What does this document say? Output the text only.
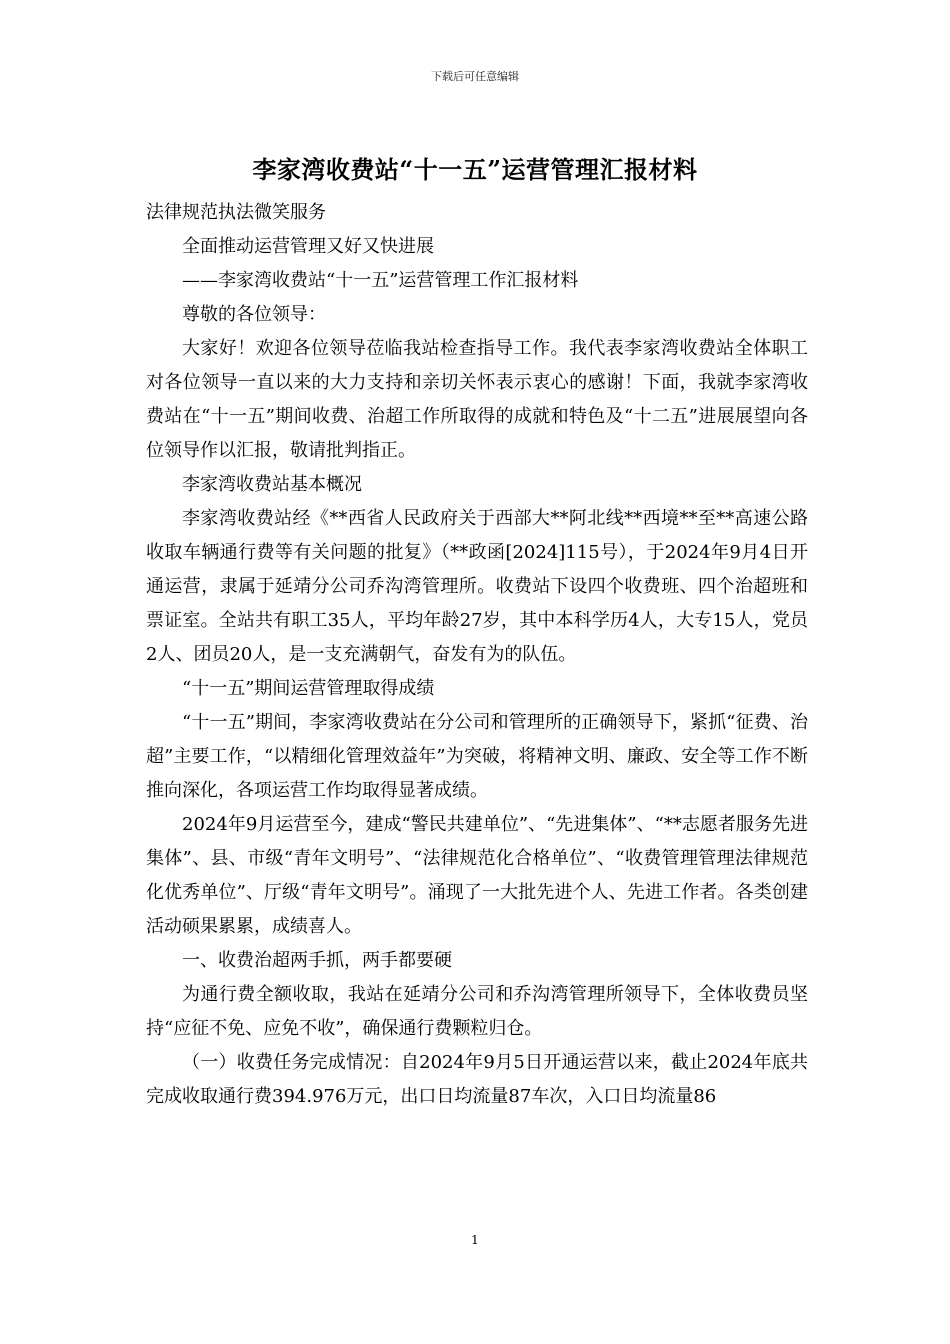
下载后可任意编辑
李家湾收费站“十一五”运营管理汇报材料

法律规范执法微笑服务

全面推动运营管理又好又快进展

——李家湾收费站“十一五”运营管理工作汇报材料

尊敬的各位领导：

大家好！欢迎各位领导莅临我站检查指导工作。我代表李家湾收费站全体职工对各位领导一直以来的大力支持和亲切关怀表示衷心的感谢！下面，我就李家湾收费站在“十一五”期间收费、治超工作所取得的成就和特色及“十二五”进展展望向各位领导作以汇报，敬请批判指正。

李家湾收费站基本概况

李家湾收费站经《**西省人民政府关于西部大**阿北线**西境**至**高速公路收取车辆通行费等有关问题的批复》（**政函[2024]115号），于2024年9月4日开通运营，隶属于延靖分公司乔沟湾管理所。收费站下设四个收费班、四个治超班和票证室。全站共有职工35人，平均年龄27岁，其中本科学历4人，大专15人，党员2人、团员20人，是一支充满朝气，奋发有为的队伍。

“十一五”期间运营管理取得成绩

“十一五”期间，李家湾收费站在分公司和管理所的正确领导下，紧抓“征费、治超”主要工作，“以精细化管理效益年”为突破，将精神文明、廉政、安全等工作不断推向深化，各项运营工作均取得显著成绩。

2024年9月运营至今，建成“警民共建单位”、“先进集体”、“**志愿者服务先进集体”、县、市级“青年文明号”、“法律规范化合格单位”、“收费管理管理法律规范化优秀单位”、厅级“青年文明号”。涌现了一大批先进个人、先进工作者。各类创建活动硕果累累，成绩喜人。

一、收费治超两手抓，两手都要硬

为通行费全额收取，我站在延靖分公司和乔沟湾管理所领导下，全体收费员坚持“应征不免、应免不收”，确保通行费颗粒归仓。

（一）收费任务完成情况：自2024年9月5日开通运营以来，截止2024年底共完成收取通行费394.976万元，出口日均流量87车次，入口日均流量86

1
